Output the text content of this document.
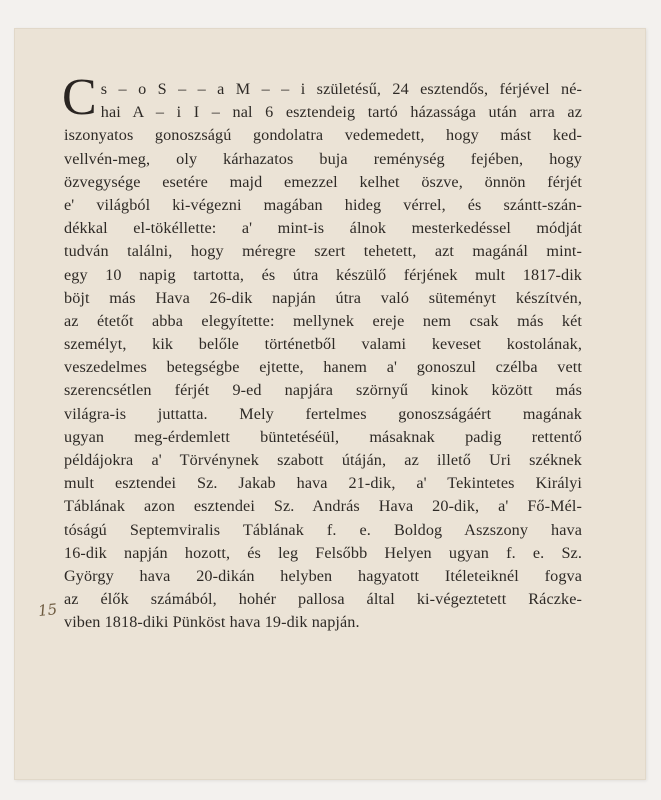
C s – o S – – a M – – i születésű, 24 esztendős, férjével né-
hai A – i I – nal 6 esztendeig tartó házassága után arra az
iszonyatos gonoszságú gondolatra vedemedett, hogy mást ked-
vellvén-meg, oly kárhazatos buja reménység fejében, hogy
özvegysége esetére majd emezzel kelhet öszve, önnön férjét
e' világból ki-végezni magában hideg vérrel, és szántt-szán-
dékkal el-tökéllette: a' mint-is álnok mesterkedéssel módját
tudván találni, hogy méregre szert tehetett, azt magánál mint-
egy 10 napig tartotta, és útra készülő férjének mult 1817-dik
böjt más Hava 26-dik napján útra való süteményt készítvén,
az étetőt abba elegyítette: mellynek ereje nem csak más két
személyt, kik belőle történetből valami keveset kostolának,
veszedelmes betegségbe ejtette, hanem a' gonoszul czélba vett
szerencsétlen férjét 9-ed napjára szörnyű kinok között más
világra-is juttatta. Mely fertelmes gonoszságáért magának
ugyan meg-érdemlett büntetéséül, másaknak padig rettentő
példájokra a' Törvénynek szabott útáján, az illető Uri széknek
mult esztendei Sz. Jakab hava 21-dik, a' Tekintetes Királyi
Táblának azon esztendei Sz. András Hava 20-dik, a' Fő-Mél-
tóságú Septemviralis Táblának f. e. Boldog Aszszony hava
16-dik napján hozott, és leg Felsőbb Helyen ugyan f. e. Sz.
György hava 20-dikán helyben hagyatott Itéleteiknél fogva
az élők számából, hohér pallosa által ki-végeztetett Ráczke-
viben 1818-diki Pünköst hava 19-dik napján.
15
